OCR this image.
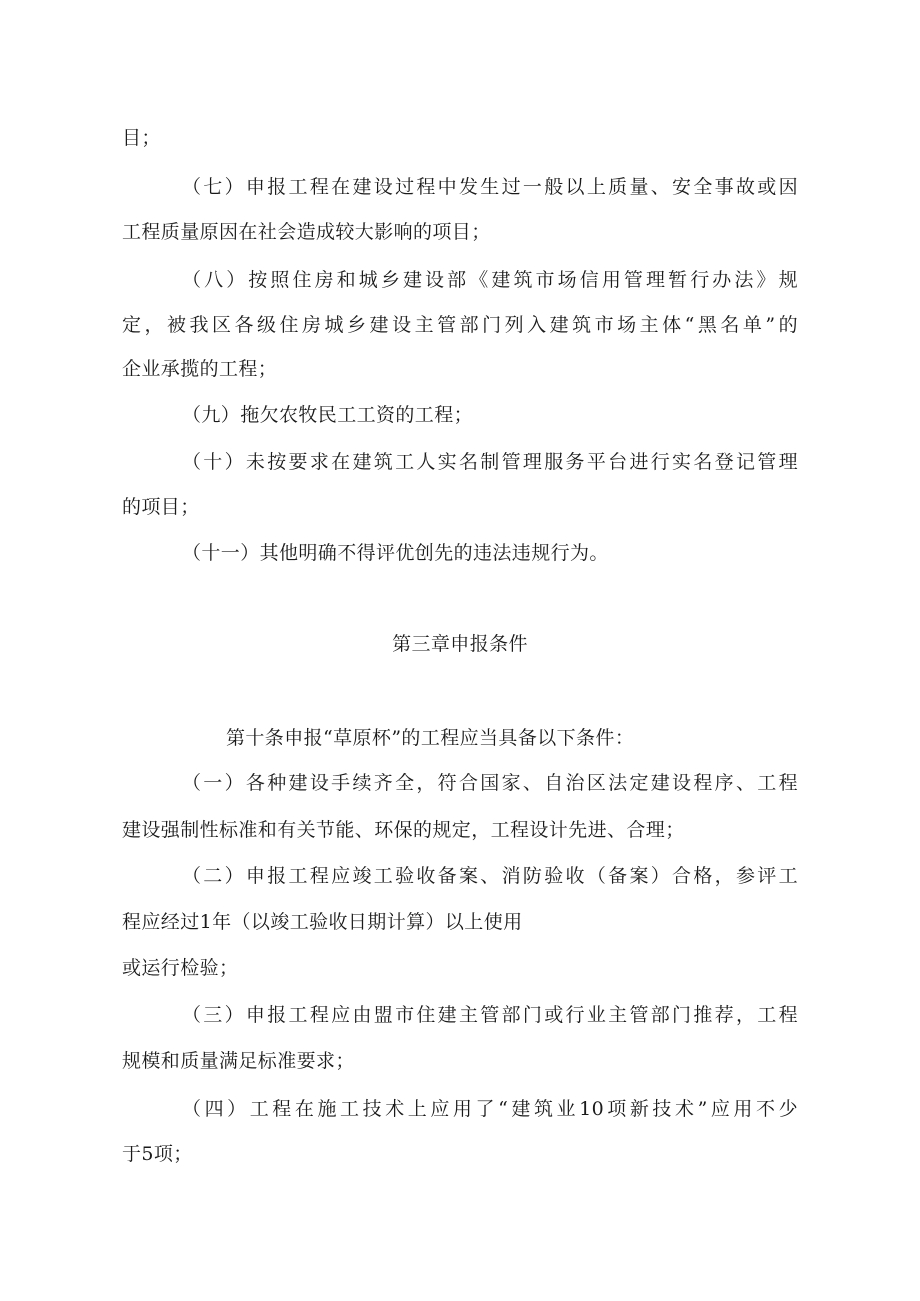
目；
（七）申报工程在建设过程中发生过一般以上质量、安全事故或因
工程质量原因在社会造成较大影响的项目；
（八）按照住房和城乡建设部《建筑市场信用管理暂行办法》规
定，被我区各级住房城乡建设主管部门列入建筑市场主体“黑名单”的
企业承揽的工程；
（九）拖欠农牧民工工资的工程；
（十）未按要求在建筑工人实名制管理服务平台进行实名登记管理
的项目；
（十一）其他明确不得评优创先的违法违规行为。
第三章申报条件
第十条申报“草原杯”的工程应当具备以下条件：
（一）各种建设手续齐全，符合国家、自治区法定建设程序、工程
建设强制性标准和有关节能、环保的规定，工程设计先进、合理；
（二）申报工程应竣工验收备案、消防验收（备案）合格，参评工
程应经过1年（以竣工验收日期计算）以上使用
或运行检验；
（三）申报工程应由盟市住建主管部门或行业主管部门推荐，工程
规模和质量满足标准要求；
（四）工程在施工技术上应用了“建筑业10项新技术”应用不少
于5项；
